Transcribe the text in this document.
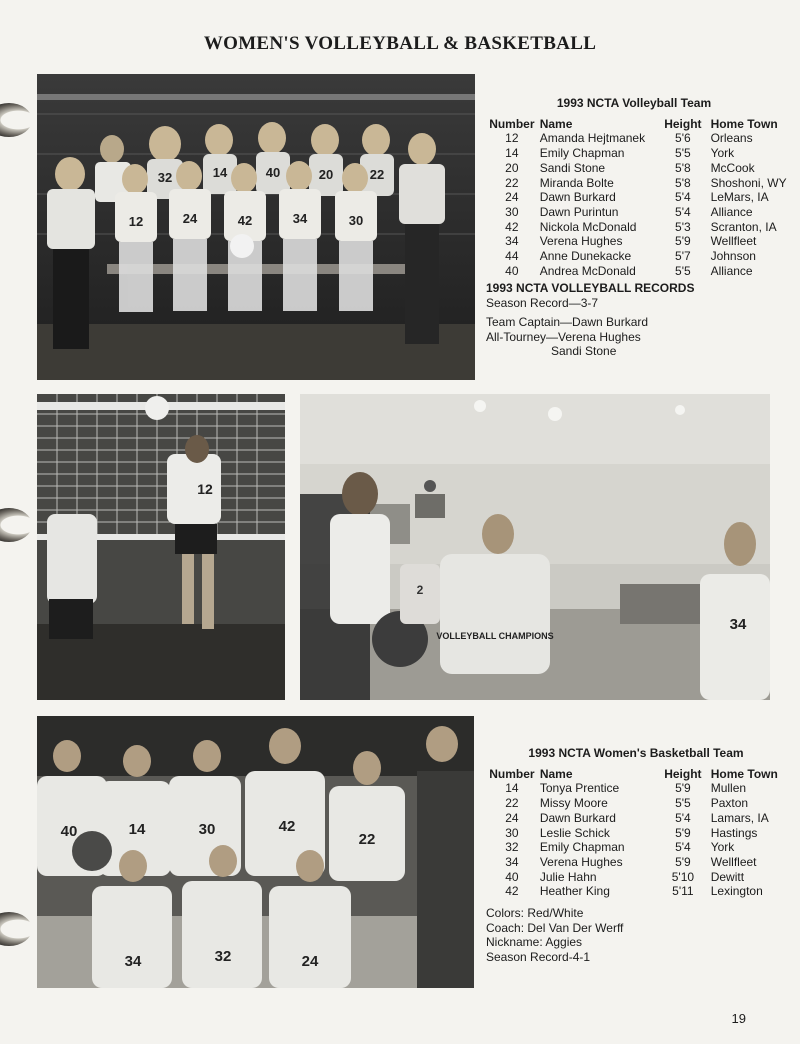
WOMEN'S VOLLEYBALL & BASKETBALL
32	14	40	20	22
12	24	42	34	30
1993 NCTA Volleyball Team
Number	Name	Height	Home Town
12	Amanda Hejtmanek	5'6	Orleans
14	Emily Chapman	5'5	York
20	Sandi Stone	5'8	McCook
22	Miranda Bolte	5'8	Shoshoni, WY
24	Dawn Burkard	5'4	LeMars, IA
30	Dawn Purintun	5'4	Alliance
42	Nickola McDonald	5'3	Scranton, IA
34	Verena Hughes	5'9	Wellfleet
44	Anne Dunekacke	5'7	Johnson
40	Andrea McDonald	5'5	Alliance
1993 NCTA VOLLEYBALL RECORDS
Season Record—3-7
Team Captain—Dawn Burkard
All-Tourney—Verena Hughes
Sandi Stone
12
VOLLEYBALL CHAMPIONS
2
34
40	14	30	42
22
34	32	24
1993 NCTA Women's Basketball Team
Number	Name	Height	Home Town
14	Tonya Prentice	5'9	Mullen
22	Missy Moore	5'5	Paxton
24	Dawn Burkard	5'4	Lamars, IA
30	Leslie Schick	5'9	Hastings
32	Emily Chapman	5'4	York
34	Verena Hughes	5'9	Wellfleet
40	Julie Hahn	5'10	Dewitt
42	Heather King	5'11	Lexington
Colors: Red/White
Coach: Del Van Der Werff
Nickname: Aggies
Season Record-4-1
19
